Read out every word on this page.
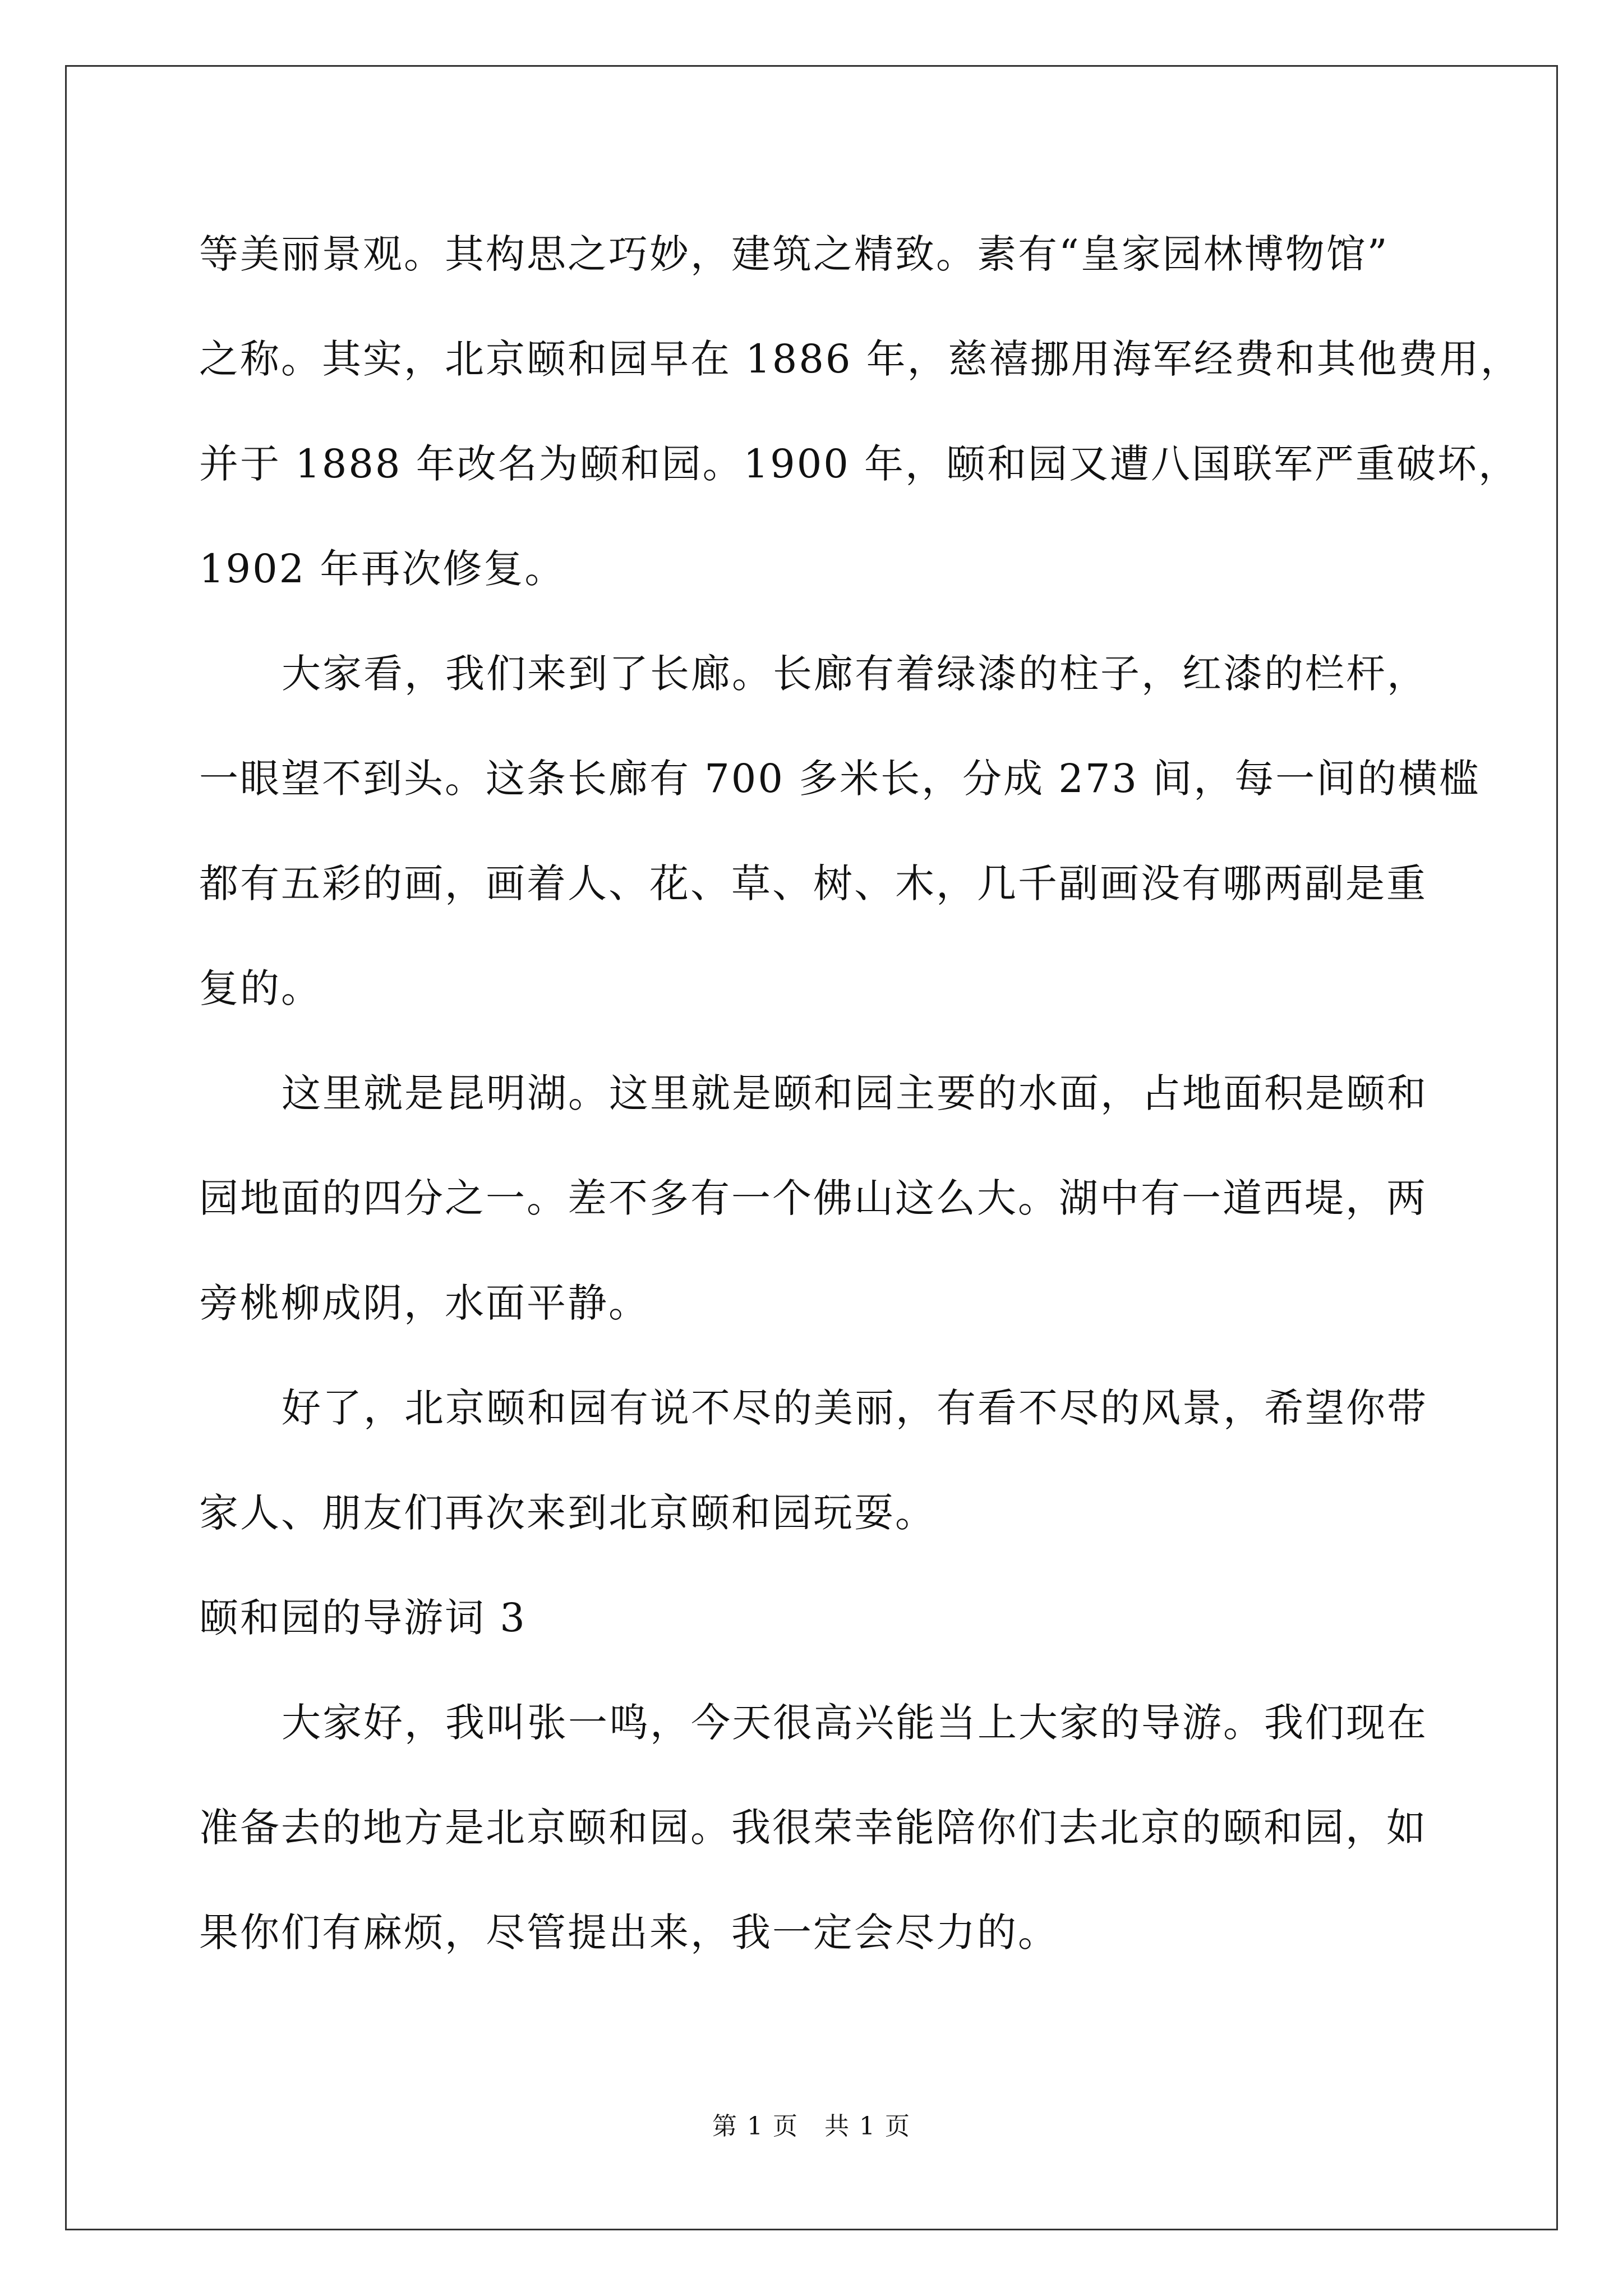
等美丽景观。其构思之巧妙，建筑之精致。素有“皇家园林博物馆”
之称。其实，北京颐和园早在 1886 年，慈禧挪用海军经费和其他费用，
并于 1888 年改名为颐和园。1900 年，颐和园又遭八国联军严重破坏，
1902 年再次修复。
大家看，我们来到了长廊。长廊有着绿漆的柱子，红漆的栏杆，
一眼望不到头。这条长廊有 700 多米长，分成 273 间，每一间的横槛
都有五彩的画，画着人、花、草、树、木，几千副画没有哪两副是重
复的。
这里就是昆明湖。这里就是颐和园主要的水面，占地面积是颐和
园地面的四分之一。差不多有一个佛山这么大。湖中有一道西堤，两
旁桃柳成阴，水面平静。
好了，北京颐和园有说不尽的美丽，有看不尽的风景，希望你带
家人、朋友们再次来到北京颐和园玩耍。
颐和园的导游词 3
大家好，我叫张一鸣，今天很高兴能当上大家的导游。我们现在
准备去的地方是北京颐和园。我很荣幸能陪你们去北京的颐和园，如
果你们有麻烦，尽管提出来，我一定会尽力的。
第 1 页　共 1 页
